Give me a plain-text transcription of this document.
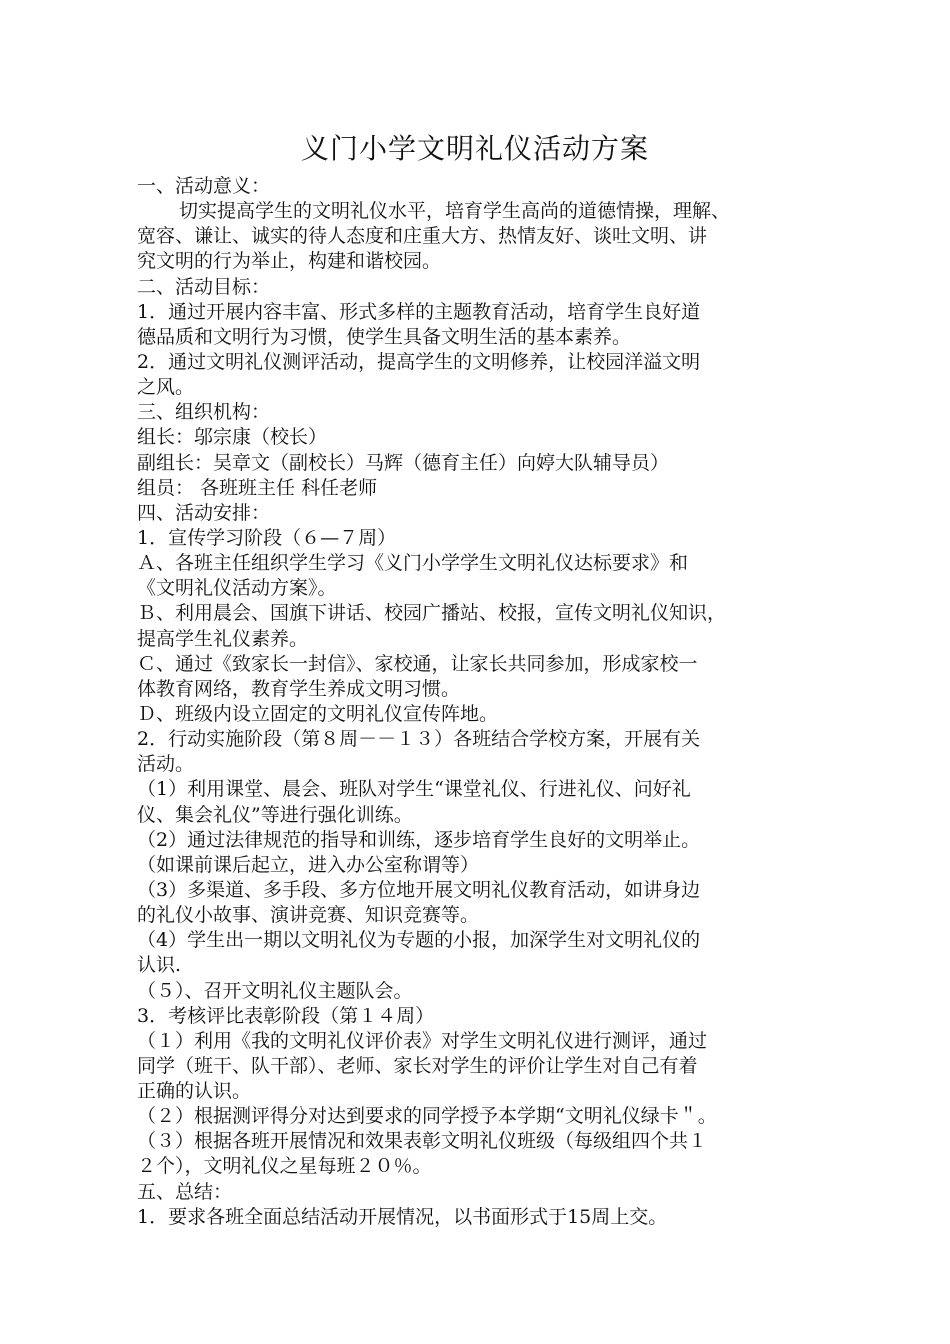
义门小学文明礼仪活动方案
一、活动意义：
切实提高学生的文明礼仪水平，培育学生高尚的道德情操，理解、
宽容、谦让、诚实的待人态度和庄重大方、热情友好、谈吐文明、讲
究文明的行为举止，构建和谐校园。
二、活动目标：
1．通过开展内容丰富、形式多样的主题教育活动，培育学生良好道
德品质和文明行为习惯，使学生具备文明生活的基本素养。
2．通过文明礼仪测评活动，提高学生的文明修养，让校园洋溢文明
之风。
三、组织机构：
组长：邬宗康（校长）
副组长：吴章文（副校长）马辉（德育主任）向婷大队辅导员）
组员： 各班班主任 科任老师
四、活动安排：
1．宣传学习阶段（６—７周）
Ａ、各班主任组织学生学习《义门小学学生文明礼仪达标要求》和
《文明礼仪活动方案》。
Ｂ、利用晨会、国旗下讲话、校园广播站、校报，宣传文明礼仪知识，
提高学生礼仪素养。
Ｃ、通过《致家长一封信》、家校通，让家长共同参加，形成家校一
体教育网络，教育学生养成文明习惯。
Ｄ、班级内设立固定的文明礼仪宣传阵地。
2．行动实施阶段（第８周－－１３）各班结合学校方案，开展有关
活动。
（1）利用课堂、晨会、班队对学生“课堂礼仪、行进礼仪、问好礼
仪、集会礼仪”等进行强化训练。
（2）通过法律规范的指导和训练，逐步培育学生良好的文明举止。
（如课前课后起立，进入办公室称谓等）
（3）多渠道、多手段、多方位地开展文明礼仪教育活动，如讲身边
的礼仪小故事、演讲竞赛、知识竞赛等。
（4）学生出一期以文明礼仪为专题的小报，加深学生对文明礼仪的
认识.
（５）、召开文明礼仪主题队会。
3．考核评比表彰阶段（第１４周）
（１）利用《我的文明礼仪评价表》对学生文明礼仪进行测评，通过
同学（班干、队干部）、老师、家长对学生的评价让学生对自己有着
正确的认识。
（２）根据测评得分对达到要求的同学授予本学期“文明礼仪绿卡＂。
（３）根据各班开展情况和效果表彰文明礼仪班级（每级组四个共１
２个），文明礼仪之星每班２０％。
五、总结：
1．要求各班全面总结活动开展情况，以书面形式于15周上交。
